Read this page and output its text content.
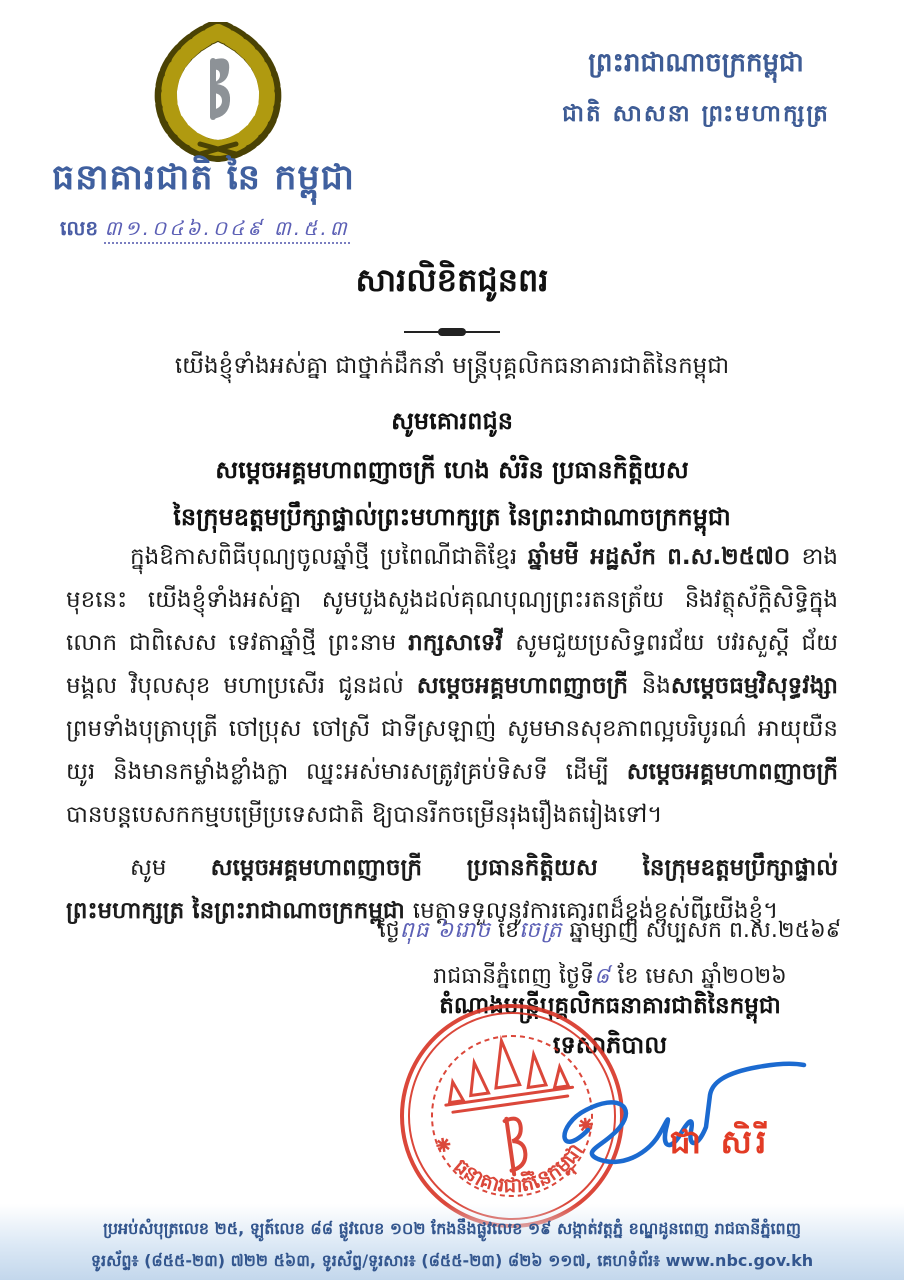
ព្រះរាជាណាចក្រកម្ពុជា
ជាតិ សាសនា ព្រះមហាក្សត្រ
ធនាគារជាតិ នៃ កម្ពុជា
លេខ ៣១.០៤៦.០៤៩ ៣.៥.៣
សារលិខិតជូនពរ
យើងខ្ញុំទាំងអស់គ្នា ជាថ្នាក់ដឹកនាំ មន្ត្រីបុគ្គលិកធនាគារជាតិនៃកម្ពុជា
សូមគោរពជូន
សម្តេចអគ្គមហាពញាចក្រី ហេង សំរិន ប្រធានកិត្តិយស
នៃក្រុមឧត្តមប្រឹក្សាផ្ទាល់ព្រះមហាក្សត្រ នៃព្រះរាជាណាចក្រកម្ពុជា

ក្នុងឱកាសពិធីបុណ្យចូលឆ្នាំថ្មី ប្រពៃណីជាតិខ្មែរ ឆ្នាំមមី អដ្ឋស័ក ព.ស.២៥៧០ ខាងមុខនេះ យើងខ្ញុំទាំងអស់គ្នា សូមបួងសួងដល់គុណបុណ្យព្រះរតនត្រ័យ និងវត្ថុស័ក្តិសិទ្ធិក្នុងលោក ជាពិសេស ទេវតាឆ្នាំថ្មី ព្រះនាម រាក្សសាទេវី សូមជួយប្រសិទ្ធពរជ័យ បវរសួស្តី ជ័យមង្គល វិបុលសុខ មហាប្រសើរ ជូនដល់ សម្តេចអគ្គមហាពញាចក្រី និងសម្តេចធម្មវិសុទ្ធវង្សា ព្រមទាំងបុត្រាបុត្រី ចៅប្រុស ចៅស្រី ជាទីស្រឡាញ់ សូមមានសុខភាពល្អបរិបូរណ៌ អាយុយឺនយូរ និងមានកម្លាំងខ្លាំងក្លា ឈ្នះអស់មារសត្រូវគ្រប់ទិសទី ដើម្បី សម្តេចអគ្គមហាពញាចក្រី បានបន្តបេសកកម្មបម្រើប្រទេសជាតិ ឱ្យបានរីកចម្រើនរុងរឿងតរៀងទៅ។

សូម សម្តេចអគ្គមហាពញាចក្រី ប្រធានកិត្តិយស នៃក្រុមឧត្តមប្រឹក្សាផ្ទាល់ព្រះមហាក្សត្រ នៃព្រះរាជាណាចក្រកម្ពុជា មេត្តាទទួលនូវការគោរពដ៏ខ្ពង់ខ្ពស់ពីយើងខ្ញុំ។

ថ្ងៃពុធ ៦រោច ខែចេត្រ ឆ្នាំម្សាញ់ សប្បស័ក ព.ស.២៥៦៩
រាជធានីភ្នំពេញ ថ្ងៃទី៨ ខែ មេសា ឆ្នាំ២០២៦
តំណាងមន្ត្រីបុគ្គលិកធនាគារជាតិនៃកម្ពុជា
ទេសាភិបាល
ធនាគារជាតិនៃកម្ពុជា	ជា សិរី
ប្រអប់សំបុត្រលេខ ២៥, ឡូត៍លេខ ៨៨ ផ្លូវលេខ ១០២ កែងនឹងផ្លូវលេខ ១៩ សង្កាត់វត្តភ្នំ ខណ្ឌដូនពេញ រាជធានីភ្នំពេញ
ទូរស័ព្ទ៖ (៨៥៥-២៣) ៧២២ ៥៦៣, ទូរស័ព្ទ/ទូរសារ៖ (៨៥៥-២៣) ៨២៦ ១១៧, គេហទំព័រ៖ www.nbc.gov.kh
